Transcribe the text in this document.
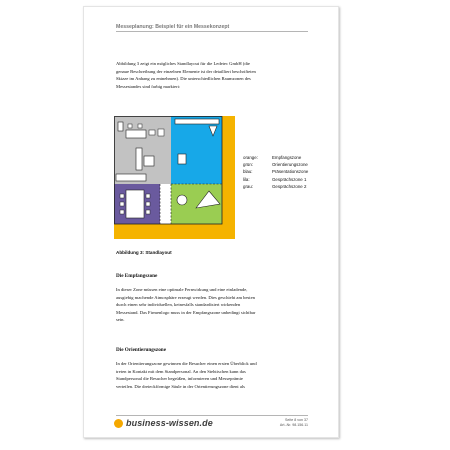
Messeplanung: Beispiel für ein Messekonzept
Abbildung 3 zeigt ein mögliches Standlayout für die Ledetec GmbH (die
genaue Beschreibung der einzelnen Elemente ist der detailliert beschrifteten
Skizze im Anhang zu entnehmen). Die unterschiedlichen Raumzonen des
Messestandes sind farbig markiert:
orange:	Empfangszone
grün:	Orientierungszone
blau:	Präsentationszone
lila:	Gesprächszone 1
grau:	Gesprächszone 2
Abbildung 3: Standlayout
Die Empfangszone
In dieser Zone müssen eine optimale Fernwirkung und eine einladende,
ausgiebig machende Atmosphäre erzeugt werden. Dies geschieht am besten
durch einen sehr individuellen, keinesfalls standardisiert wirkenden
Messestand. Das Firmenlogo muss in der Empfangszone unbedingt sichtbar
sein.
Die Orientierungszone
In der Orientierungszone gewinnen die Besucher einen ersten Überblick und
treten in Kontakt mit dem Standpersonal. An den Stehtischen kann das
Standpersonal die Besucher begrüßen, informieren und Messeprämie
verteilen. Die dreieckförmige Säule in der Orientierungszone dient als
business-wissen.de	Seite 8 von 37
Art.-Nr. 98.156.11
